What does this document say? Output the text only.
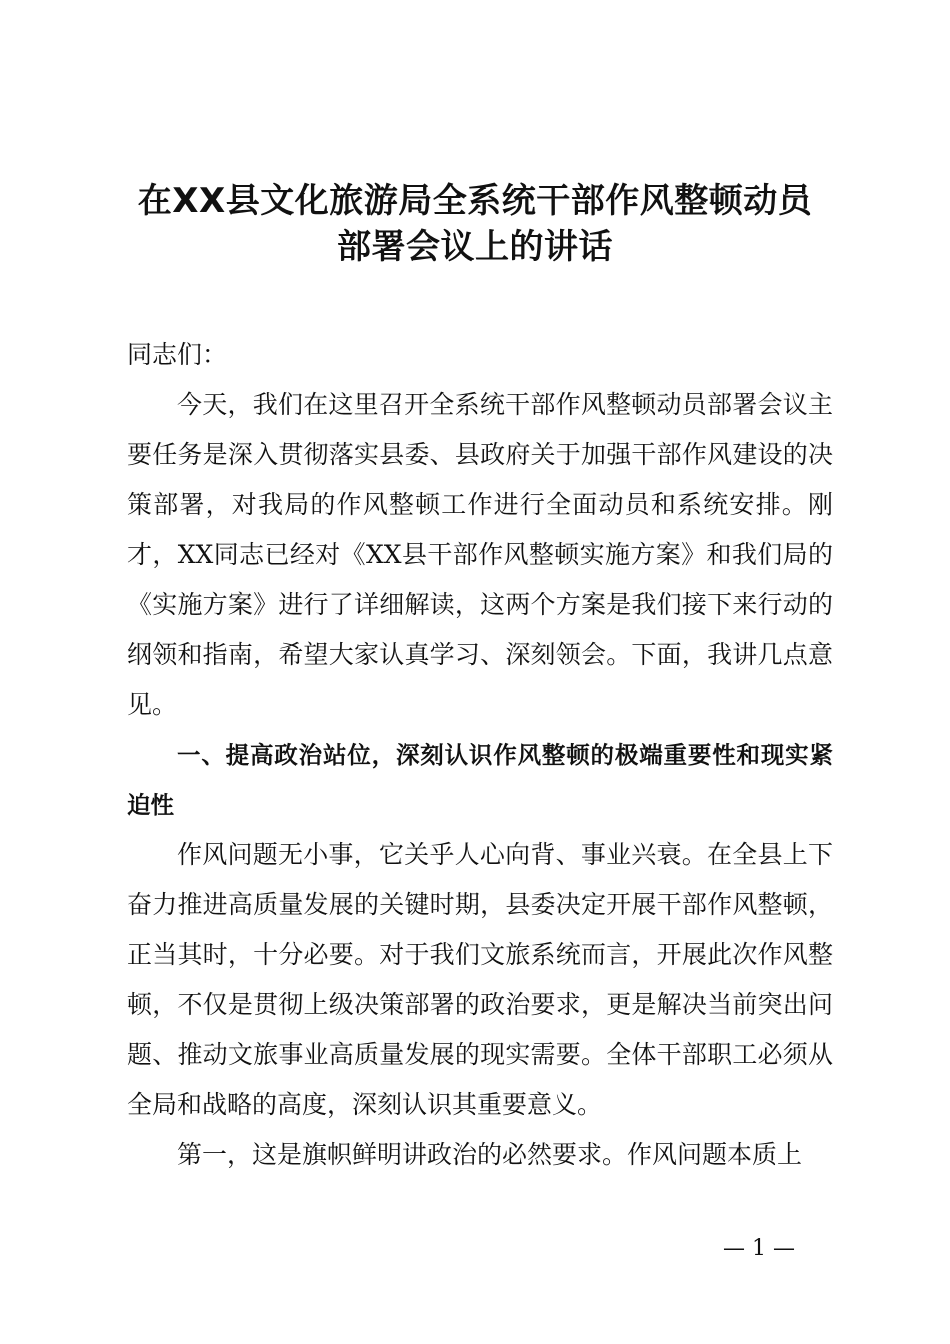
在XX县文化旅游局全系统干部作风整顿动员
部署会议上的讲话

同志们：

今天，我们在这里召开全系统干部作风整顿动员部署会议主要任务是深入贯彻落实县委、县政府关于加强干部作风建设的决策部署，对我局的作风整顿工作进行全面动员和系统安排。刚才，XX同志已经对《XX县干部作风整顿实施方案》和我们局的《实施方案》进行了详细解读，这两个方案是我们接下来行动的纲领和指南，希望大家认真学习、深刻领会。下面，我讲几点意见。

一、提高政治站位，深刻认识作风整顿的极端重要性和现实紧迫性

作风问题无小事，它关乎人心向背、事业兴衰。在全县上下奋力推进高质量发展的关键时期，县委决定开展干部作风整顿，正当其时，十分必要。对于我们文旅系统而言，开展此次作风整顿，不仅是贯彻上级决策部署的政治要求，更是解决当前突出问题、推动文旅事业高质量发展的现实需要。全体干部职工必须从全局和战略的高度，深刻认识其重要意义。

第一，这是旗帜鲜明讲政治的必然要求。作风问题本质上

— 1 —
